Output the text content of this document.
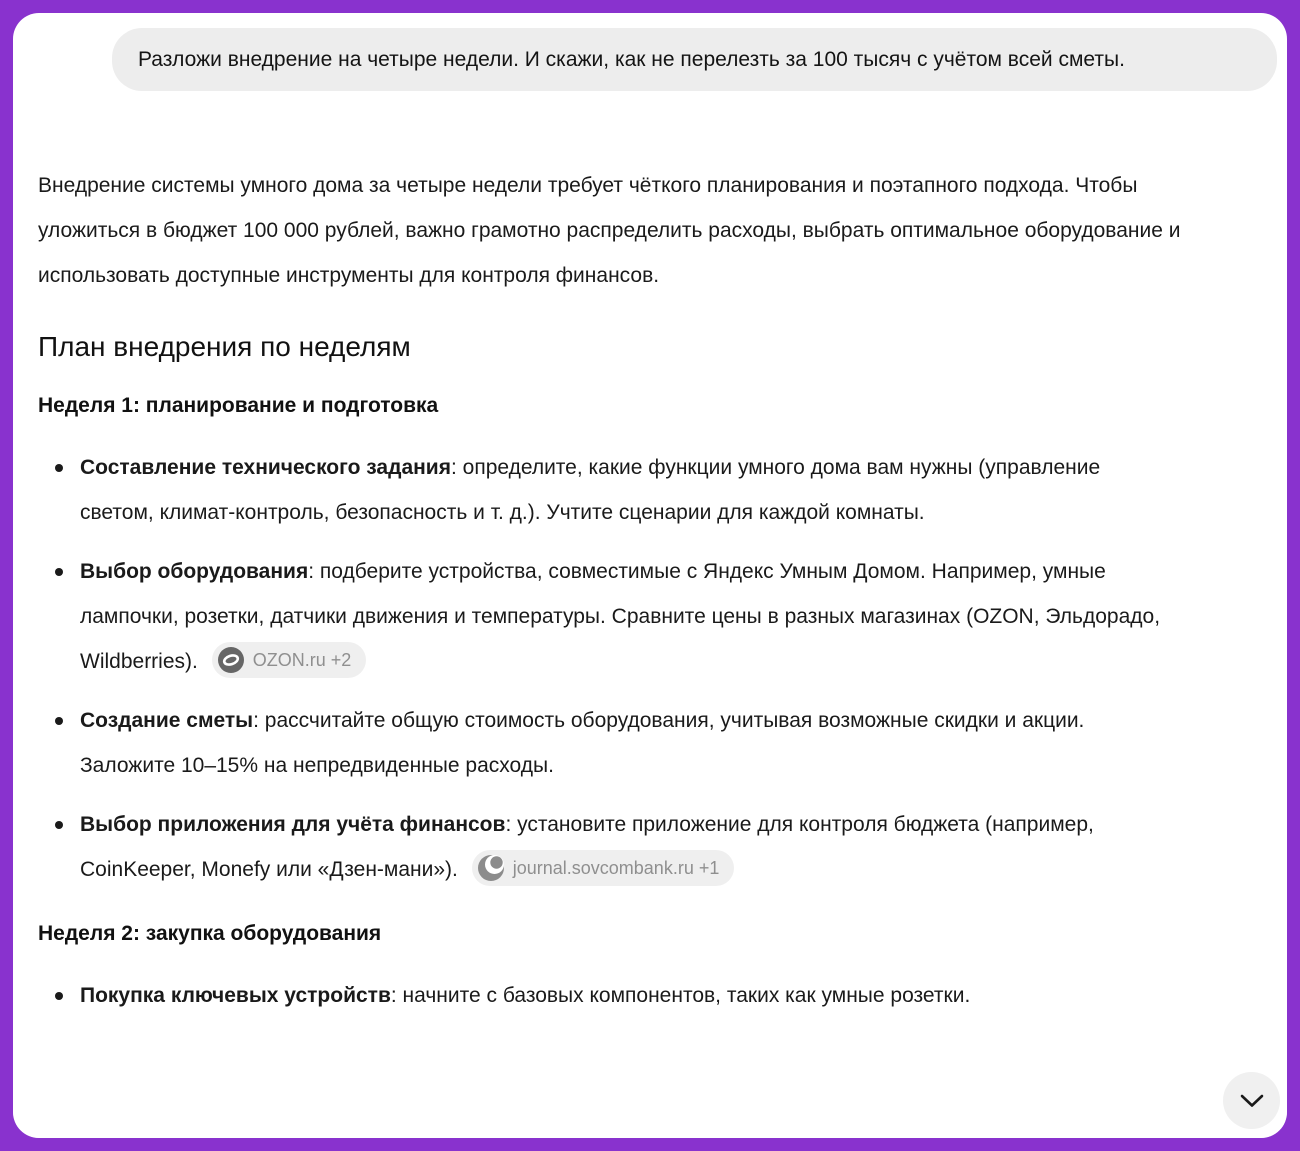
Разложи внедрение на четыре недели. И скажи, как не перелезть за 100 тысяч с учётом всей сметы.

Внедрение системы умного дома за четыре недели требует чёткого планирования и поэтапного подхода. Чтобы уложиться в бюджет 100 000 рублей, важно грамотно распределить расходы, выбрать оптимальное оборудование и использовать доступные инструменты для контроля финансов.

План внедрения по неделям
Неделя 1: планирование и подготовка
Составление технического задания: определите, какие функции умного дома вам нужны (управление светом, климат-контроль, безопасность и т. д.). Учтите сценарии для каждой комнаты.
Выбор оборудования: подберите устройства, совместимые с Яндекс Умным Домом. Например, умные лампочки, розетки, датчики движения и температуры. Сравните цены в разных магазинах (OZON, Эльдорадо, Wildberries).	OZON.ru +2
Создание сметы: рассчитайте общую стоимость оборудования, учитывая возможные скидки и акции. Заложите 10–15% на непредвиденные расходы.
Выбор приложения для учёта финансов: установите приложение для контроля бюджета (например, CoinKeeper, Monefy или «Дзен-мани»).	journal.sovcombank.ru +1
Неделя 2: закупка оборудования
Покупка ключевых устройств: начните с базовых компонентов, таких как умные розетки.
